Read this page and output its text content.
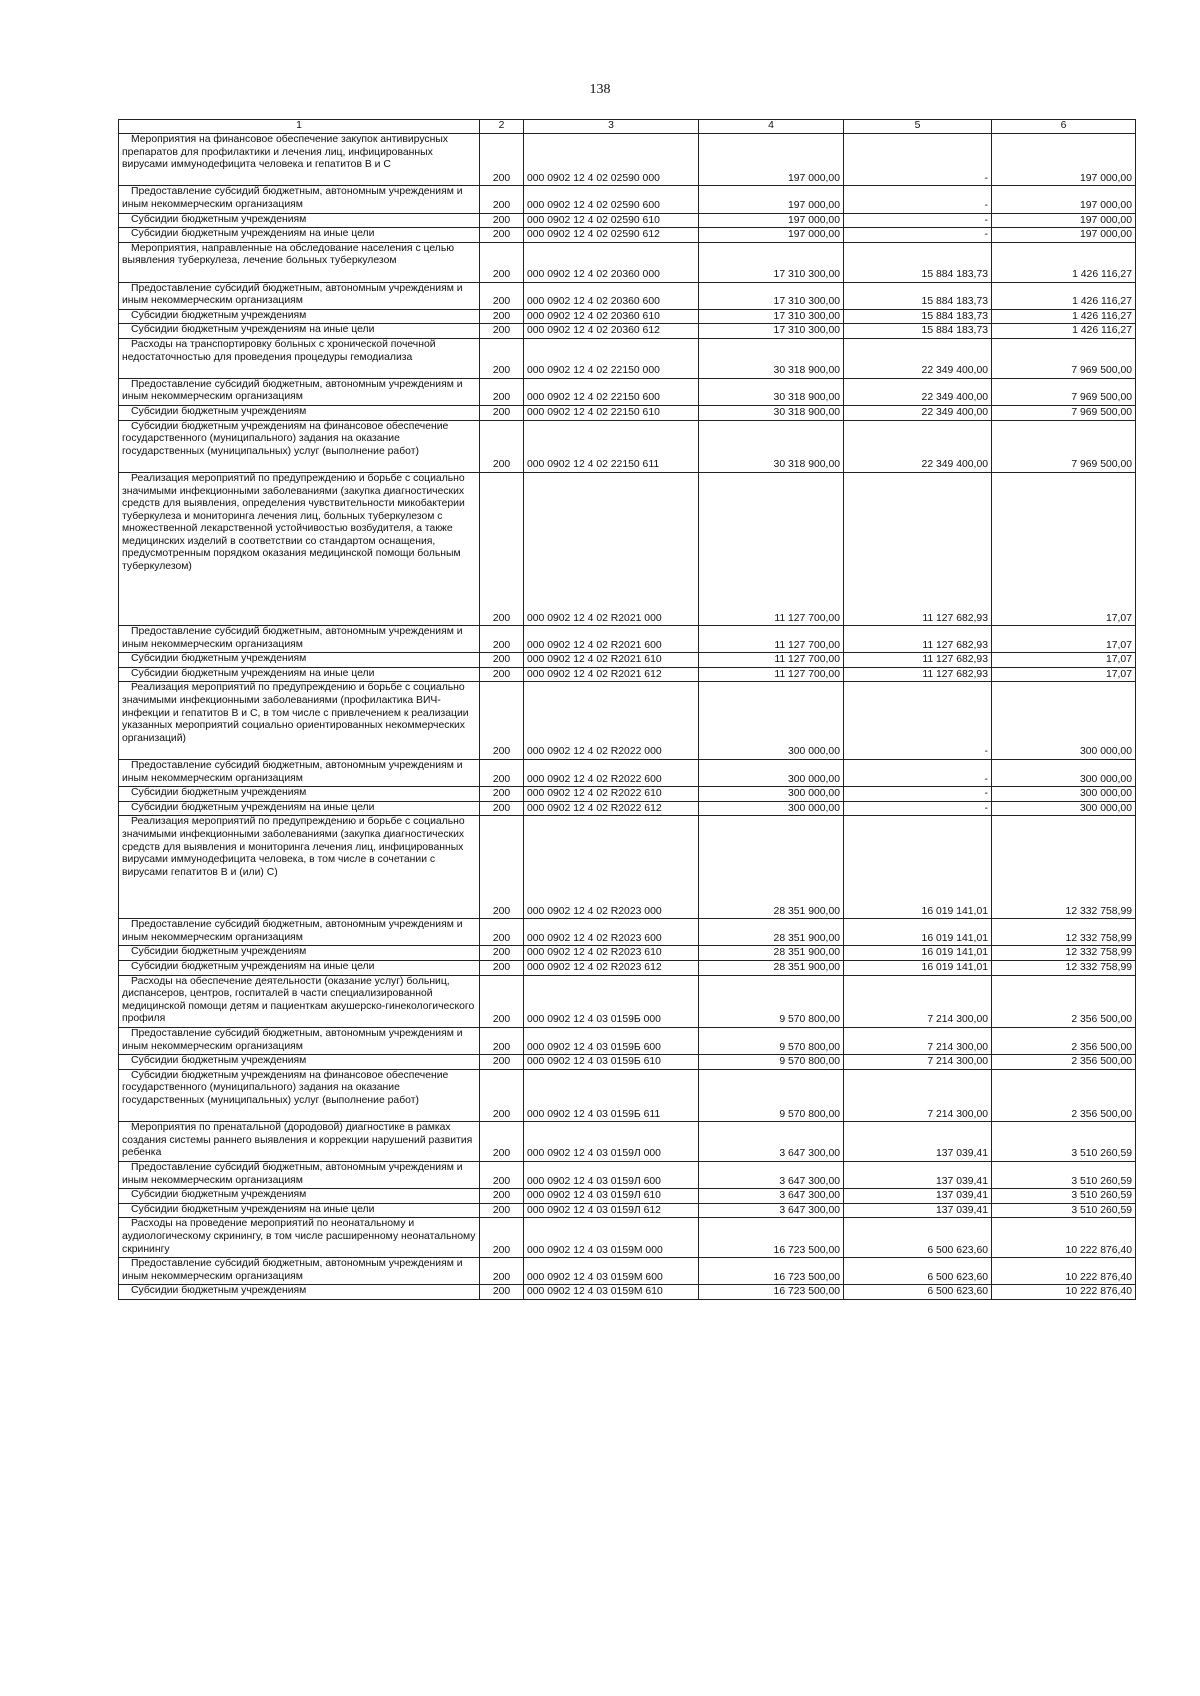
138
1	2	3	4	5	6
Мероприятия на финансовое обеспечение закупок антивирусных препаратов для профилактики и лечения лиц, инфицированных вирусами иммунодефицита человека и гепатитов В и С	200	000 0902 12 4 02 02590 000	197 000,00	-	197 000,00
Предоставление субсидий бюджетным, автономным учреждениям и иным некоммерческим организациям	200	000 0902 12 4 02 02590 600	197 000,00	-	197 000,00
Субсидии бюджетным учреждениям	200	000 0902 12 4 02 02590 610	197 000,00	-	197 000,00
Субсидии бюджетным учреждениям на иные цели	200	000 0902 12 4 02 02590 612	197 000,00	-	197 000,00
Мероприятия, направленные на обследование населения с целью выявления туберкулеза, лечение больных туберкулезом	200	000 0902 12 4 02 20360 000	17 310 300,00	15 884 183,73	1 426 116,27
Предоставление субсидий бюджетным, автономным учреждениям и иным некоммерческим организациям	200	000 0902 12 4 02 20360 600	17 310 300,00	15 884 183,73	1 426 116,27
Субсидии бюджетным учреждениям	200	000 0902 12 4 02 20360 610	17 310 300,00	15 884 183,73	1 426 116,27
Субсидии бюджетным учреждениям на иные цели	200	000 0902 12 4 02 20360 612	17 310 300,00	15 884 183,73	1 426 116,27
Расходы на транспортировку больных с хронической почечной недостаточностью для проведения процедуры гемодиализа	200	000 0902 12 4 02 22150 000	30 318 900,00	22 349 400,00	7 969 500,00
Предоставление субсидий бюджетным, автономным учреждениям и иным некоммерческим организациям	200	000 0902 12 4 02 22150 600	30 318 900,00	22 349 400,00	7 969 500,00
Субсидии бюджетным учреждениям	200	000 0902 12 4 02 22150 610	30 318 900,00	22 349 400,00	7 969 500,00
Субсидии бюджетным учреждениям на финансовое обеспечение государственного (муниципального) задания на оказание государственных (муниципальных) услуг (выполнение работ)	200	000 0902 12 4 02 22150 611	30 318 900,00	22 349 400,00	7 969 500,00
Реализация мероприятий по предупреждению и борьбе с социально значимыми инфекционными заболеваниями (закупка диагностических средств для выявления, определения чувствительности микобактерии туберкулеза и мониторинга лечения лиц, больных туберкулезом с множественной лекарственной устойчивостью возбудителя, а также медицинских изделий в соответствии со стандартом оснащения, предусмотренным порядком оказания медицинской помощи больным туберкулезом)	200	000 0902 12 4 02 R2021 000	11 127 700,00	11 127 682,93	17,07
Предоставление субсидий бюджетным, автономным учреждениям и иным некоммерческим организациям	200	000 0902 12 4 02 R2021 600	11 127 700,00	11 127 682,93	17,07
Субсидии бюджетным учреждениям	200	000 0902 12 4 02 R2021 610	11 127 700,00	11 127 682,93	17,07
Субсидии бюджетным учреждениям на иные цели	200	000 0902 12 4 02 R2021 612	11 127 700,00	11 127 682,93	17,07
Реализация мероприятий по предупреждению и борьбе с социально значимыми инфекционными заболеваниями (профилактика ВИЧ-инфекции и гепатитов В и С, в том числе с привлечением к реализации указанных мероприятий социально ориентированных некоммерческих организаций)	200	000 0902 12 4 02 R2022 000	300 000,00	-	300 000,00
Предоставление субсидий бюджетным, автономным учреждениям и иным некоммерческим организациям	200	000 0902 12 4 02 R2022 600	300 000,00	-	300 000,00
Субсидии бюджетным учреждениям	200	000 0902 12 4 02 R2022 610	300 000,00	-	300 000,00
Субсидии бюджетным учреждениям на иные цели	200	000 0902 12 4 02 R2022 612	300 000,00	-	300 000,00
Реализация мероприятий по предупреждению и борьбе с социально значимыми инфекционными заболеваниями (закупка диагностических средств для выявления и мониторинга лечения лиц, инфицированных вирусами иммунодефицита человека, в том числе в сочетании с вирусами гепатитов В и (или) С)	200	000 0902 12 4 02 R2023 000	28 351 900,00	16 019 141,01	12 332 758,99
Предоставление субсидий бюджетным, автономным учреждениям и иным некоммерческим организациям	200	000 0902 12 4 02 R2023 600	28 351 900,00	16 019 141,01	12 332 758,99
Субсидии бюджетным учреждениям	200	000 0902 12 4 02 R2023 610	28 351 900,00	16 019 141,01	12 332 758,99
Субсидии бюджетным учреждениям на иные цели	200	000 0902 12 4 02 R2023 612	28 351 900,00	16 019 141,01	12 332 758,99
Расходы на обеспечение деятельности (оказание услуг) больниц, диспансеров, центров, госпиталей в части специализированной медицинской помощи детям и пациенткам акушерско-гинекологического профиля	200	000 0902 12 4 03 0159Б 000	9 570 800,00	7 214 300,00	2 356 500,00
Предоставление субсидий бюджетным, автономным учреждениям и иным некоммерческим организациям	200	000 0902 12 4 03 0159Б 600	9 570 800,00	7 214 300,00	2 356 500,00
Субсидии бюджетным учреждениям	200	000 0902 12 4 03 0159Б 610	9 570 800,00	7 214 300,00	2 356 500,00
Субсидии бюджетным учреждениям на финансовое обеспечение государственного (муниципального) задания на оказание государственных (муниципальных) услуг (выполнение работ)	200	000 0902 12 4 03 0159Б 611	9 570 800,00	7 214 300,00	2 356 500,00
Мероприятия по пренатальной (дородовой) диагностике в рамках создания системы раннего выявления и коррекции нарушений развития ребенка	200	000 0902 12 4 03 0159Л 000	3 647 300,00	137 039,41	3 510 260,59
Предоставление субсидий бюджетным, автономным учреждениям и иным некоммерческим организациям	200	000 0902 12 4 03 0159Л 600	3 647 300,00	137 039,41	3 510 260,59
Субсидии бюджетным учреждениям	200	000 0902 12 4 03 0159Л 610	3 647 300,00	137 039,41	3 510 260,59
Субсидии бюджетным учреждениям на иные цели	200	000 0902 12 4 03 0159Л 612	3 647 300,00	137 039,41	3 510 260,59
Расходы на проведение мероприятий по неонатальному и аудиологическому скринингу, в том числе расширенному неонатальному скринингу	200	000 0902 12 4 03 0159М 000	16 723 500,00	6 500 623,60	10 222 876,40
Предоставление субсидий бюджетным, автономным учреждениям и иным некоммерческим организациям	200	000 0902 12 4 03 0159М 600	16 723 500,00	6 500 623,60	10 222 876,40
Субсидии бюджетным учреждениям	200	000 0902 12 4 03 0159М 610	16 723 500,00	6 500 623,60	10 222 876,40
